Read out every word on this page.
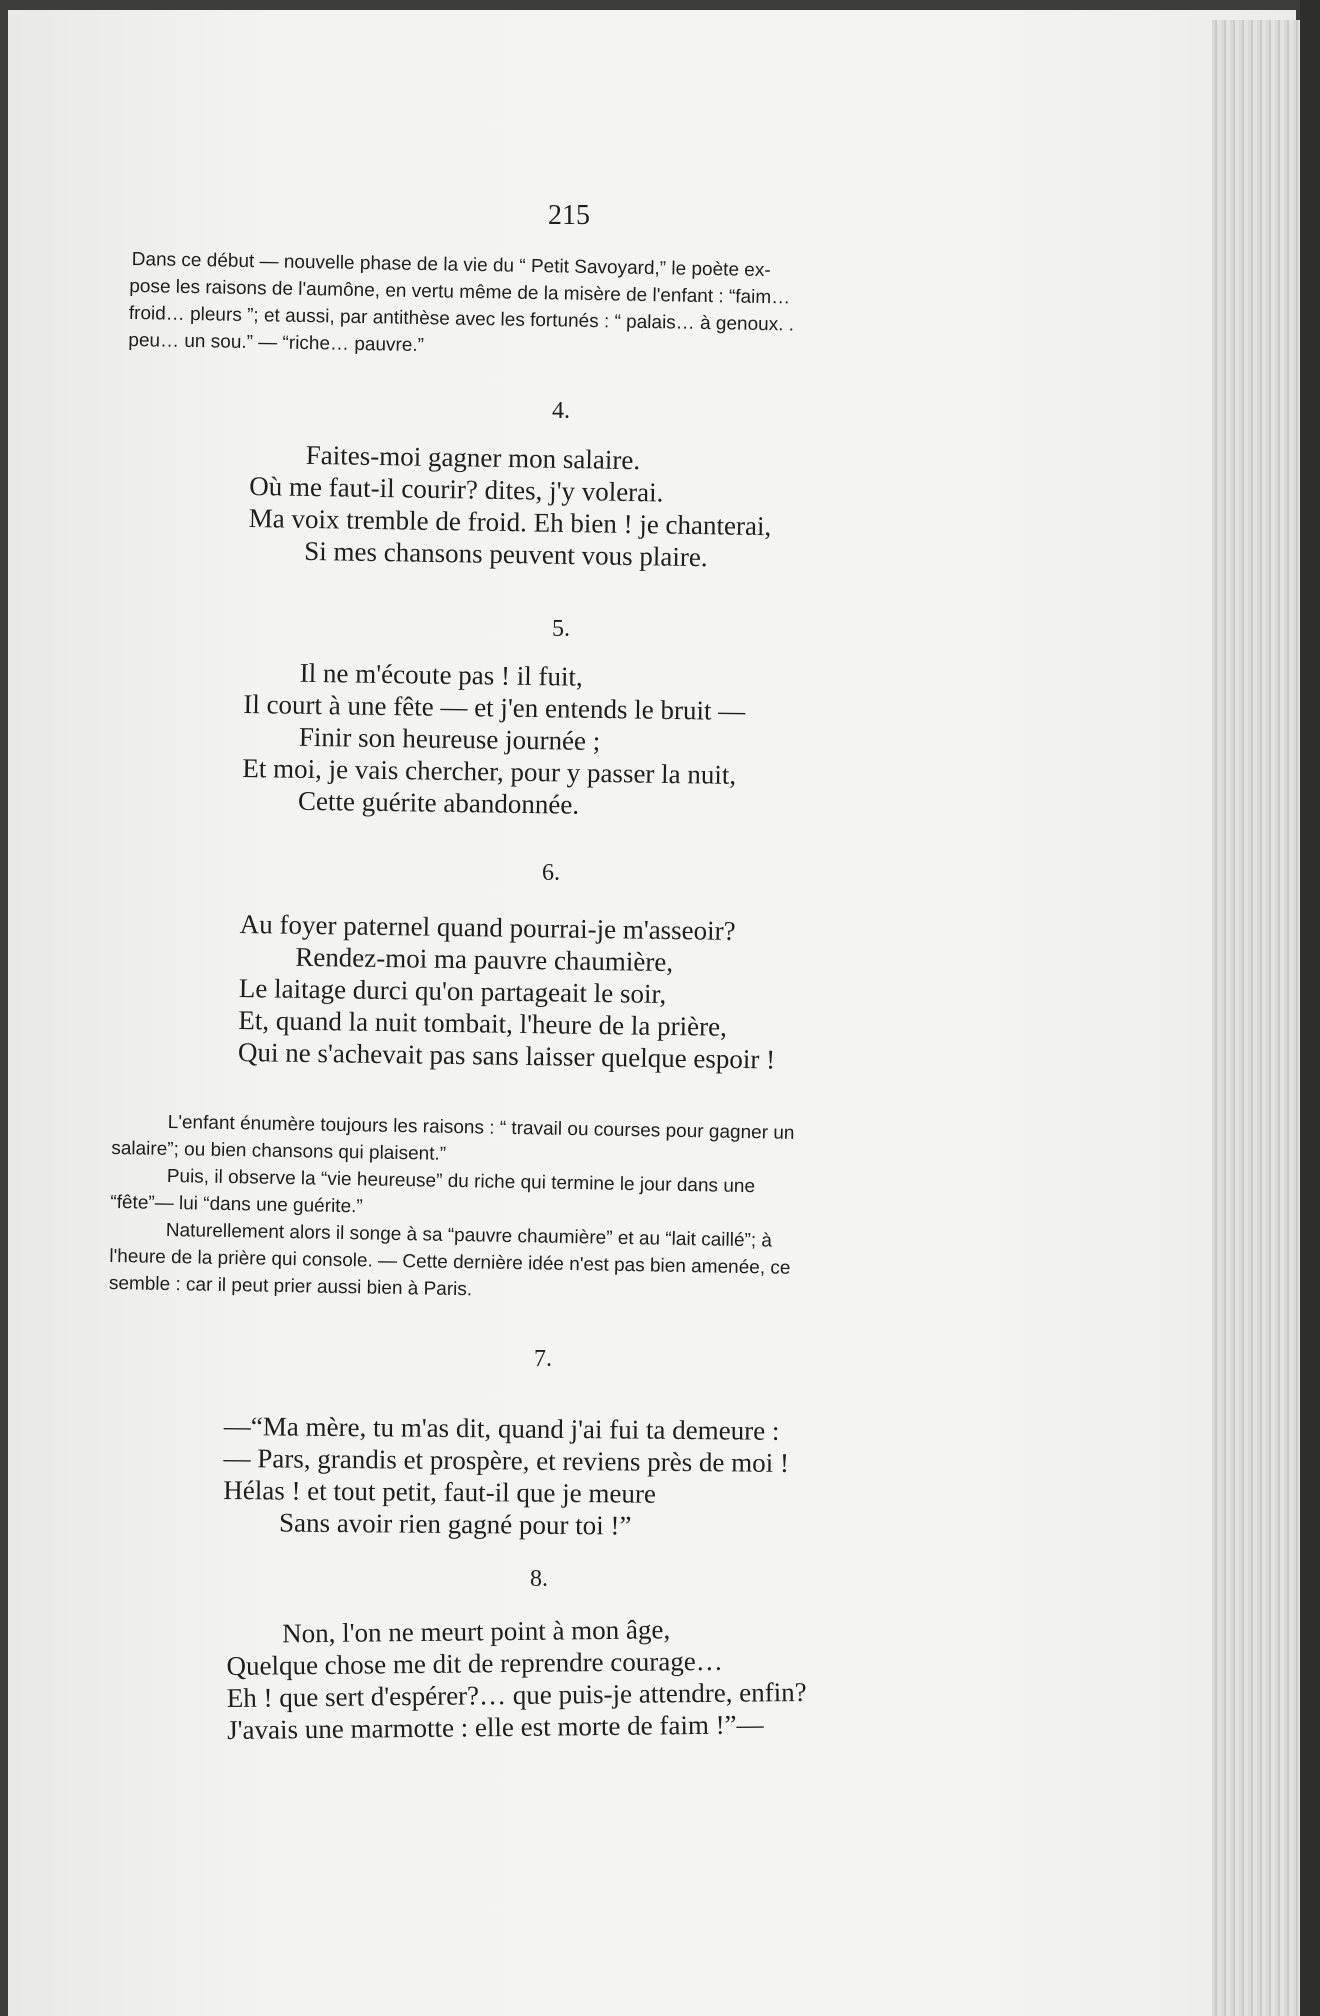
215

Dans ce début — nouvelle phase de la vie du “ Petit Savoyard,” le poète ex-

pose les raisons de l'aumône, en vertu même de la misère de l'enfant : “faim…

froid… pleurs ”; et aussi, par antithèse avec les fortunés : “ palais… à genoux. .

peu… un sou.” — “riche… pauvre.”

4.
Faites-moi gagner mon salaire.
Où me faut-il courir? dites, j'y volerai.
Ma voix tremble de froid. Eh bien ! je chanterai,
Si mes chansons peuvent vous plaire.
5.
Il ne m'écoute pas ! il fuit,
Il court à une fête — et j'en entends le bruit —
Finir son heureuse journée ;
Et moi, je vais chercher, pour y passer la nuit,
Cette guérite abandonnée.
6.
Au foyer paternel quand pourrai-je m'asseoir?
Rendez-moi ma pauvre chaumière,
Le laitage durci qu'on partageait le soir,
Et, quand la nuit tombait, l'heure de la prière,
Qui ne s'achevait pas sans laisser quelque espoir !

L'enfant énumère toujours les raisons : “ travail ou courses pour gagner un

salaire”; ou bien chansons qui plaisent.”

Puis, il observe la “vie heureuse” du riche qui termine le jour dans une

“fête”— lui “dans une guérite.”

Naturellement alors il songe à sa “pauvre chaumière” et au “lait caillé”; à

l'heure de la prière qui console. — Cette dernière idée n'est pas bien amenée, ce

semble : car il peut prier aussi bien à Paris.

7.
—“Ma mère, tu m'as dit, quand j'ai fui ta demeure :
— Pars, grandis et prospère, et reviens près de moi !
Hélas ! et tout petit, faut-il que je meure
Sans avoir rien gagné pour toi !”
8.
Non, l'on ne meurt point à mon âge,
Quelque chose me dit de reprendre courage…
Eh ! que sert d'espérer?… que puis-je attendre, enfin?
J'avais une marmotte : elle est morte de faim !”—
